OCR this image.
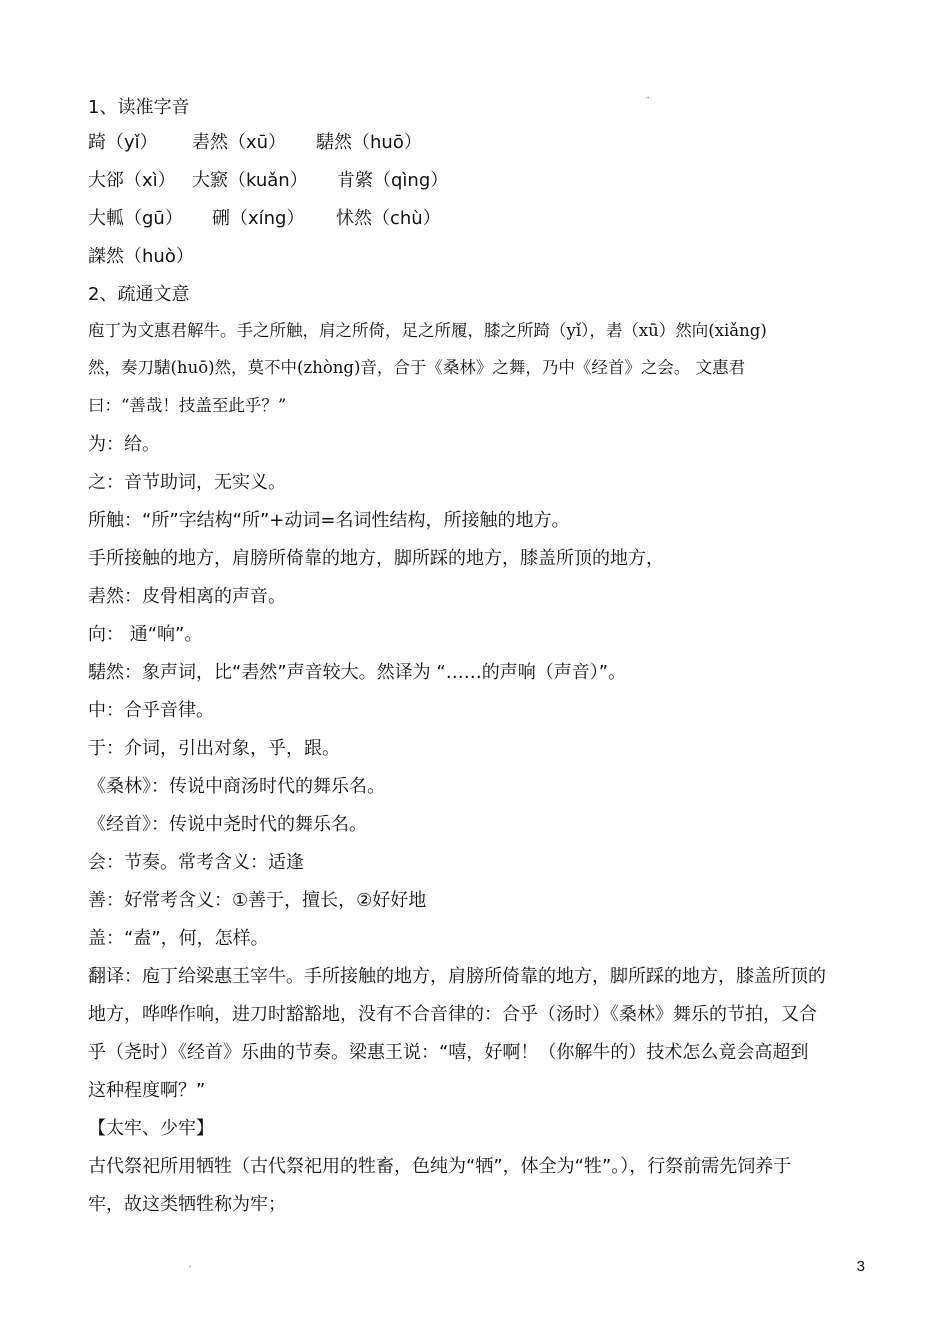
ˮ
1、读准字音
踦（yǐ） 砉然（xū） 騞然（huō）
大郤（xì） 大窾（kuǎn） 肯綮（qìng）
大軱（gū） 硎（xíng） 怵然（chù）
謋然（huò）
2、疏通文意
庖丁为文惠君解牛。手之所触，肩之所倚，足之所履，膝之所踦（yǐ），砉（xū）然向(xiǎng)
然，奏刀騞(huō)然，莫不中(zhòng)音，合于《桑林》之舞，乃中《经首》之会。 文惠君
曰：“善哉！技盖至此乎？”
为：给。
之：音节助词，无实义。
所触：“所”字结构“所”+动词=名词性结构，所接触的地方。
手所接触的地方，肩膀所倚靠的地方，脚所踩的地方，膝盖所顶的地方，
砉然：皮骨相离的声音。
向： 通“响”。
騞然：象声词，比“砉然”声音较大。然译为 “……的声响（声音）”。
中：合乎音律。
于：介词，引出对象，乎，跟。
《桑林》：传说中商汤时代的舞乐名。
《经首》：传说中尧时代的舞乐名。
会：节奏。常考含义：适逢
善：好常考含义：①善于，擅长，②好好地
盖：“盍”，何，怎样。
翻译：庖丁给梁惠王宰牛。手所接触的地方，肩膀所倚靠的地方，脚所踩的地方，膝盖所顶的
地方，哗哗作响，进刀时豁豁地，没有不合音律的：合乎（汤时）《桑林》舞乐的节拍，又合
乎（尧时）《经首》乐曲的节奏。梁惠王说：“嘻，好啊！（你解牛的）技术怎么竟会高超到
这种程度啊？”
【太牢、少牢】
古代祭祀所用牺牲（古代祭祀用的牲畜，色纯为“牺”，体全为“牲”。），行祭前需先饲养于
牢，故这类牺牲称为牢；
ˮ	3
